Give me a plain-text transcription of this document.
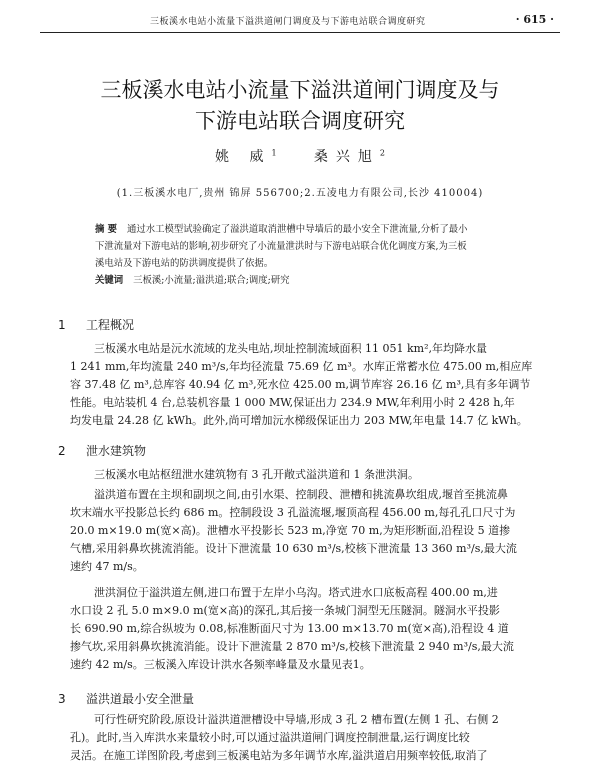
三板溪水电站小流量下溢洪道闸门调度及与下游电站联合调度研究	· 615 ·
三板溪水电站小流量下溢洪道闸门调度及与
下游电站联合调度研究
姚 威$^1$	桑兴旭$^2$
(1.三板溪水电厂,贵州 锦屏 556700;2.五凌电力有限公司,长沙 410004)
摘 要 通过水工模型试验确定了溢洪道取消泄槽中导墙后的最小安全下泄流量,分析了最小
下泄流量对下游电站的影响,初步研究了小流量泄洪时与下游电站联合优化调度方案,为三板
溪电站及下游电站的防洪调度提供了依据。
关键词 三板溪;小流量;溢洪道;联合;调度;研究
1 工程概况
三板溪水电站是沅水流域的龙头电站,坝址控制流域面积 11 051 km²,年均降水量
1 241 mm,年均流量 240 m³/s,年均径流量 75.69 亿 m³。水库正常蓄水位 475.00 m,相应库
容 37.48 亿 m³,总库容 40.94 亿 m³,死水位 425.00 m,调节库容 26.16 亿 m³,具有多年调节
性能。电站装机 4 台,总装机容量 1 000 MW,保证出力 234.9 MW,年利用小时 2 428 h,年
均发电量 24.28 亿 kWh。此外,尚可增加沅水梯级保证出力 203 MW,年电量 14.7 亿 kWh。
2 泄水建筑物
三板溪水电站枢纽泄水建筑物有 3 孔开敞式溢洪道和 1 条泄洪洞。
溢洪道布置在主坝和副坝之间,由引水渠、控制段、泄槽和挑流鼻坎组成,堰首至挑流鼻
坎末端水平投影总长约 686 m。控制段设 3 孔溢流堰,堰顶高程 456.00 m,每孔孔口尺寸为
20.0 m×19.0 m(宽×高)。泄槽水平投影长 523 m,净宽 70 m,为矩形断面,沿程设 5 道掺
气槽,采用斜鼻坎挑流消能。设计下泄流量 10 630 m³/s,校核下泄流量 13 360 m³/s,最大流
速约 47 m/s。
泄洪洞位于溢洪道左侧,进口布置于左岸小乌沟。塔式进水口底板高程 400.00 m,进
水口设 2 孔 5.0 m×9.0 m(宽×高)的深孔,其后接一条城门洞型无压隧洞。隧洞水平投影
长 690.90 m,综合纵坡为 0.08,标准断面尺寸为 13.00 m×13.70 m(宽×高),沿程设 4 道
掺气坎,采用斜鼻坎挑流消能。设计下泄流量 2 870 m³/s,校核下泄流量 2 940 m³/s,最大流
速约 42 m/s。三板溪入库设计洪水各频率峰量及水量见表1。
3 溢洪道最小安全泄量
可行性研究阶段,原设计溢洪道泄槽设中导墙,形成 3 孔 2 槽布置(左侧 1 孔、右侧 2
孔)。此时,当入库洪水来量较小时,可以通过溢洪道闸门调度控制泄量,运行调度比较
灵活。在施工详图阶段,考虑到三板溪电站为多年调节水库,溢洪道启用频率较低,取消了
